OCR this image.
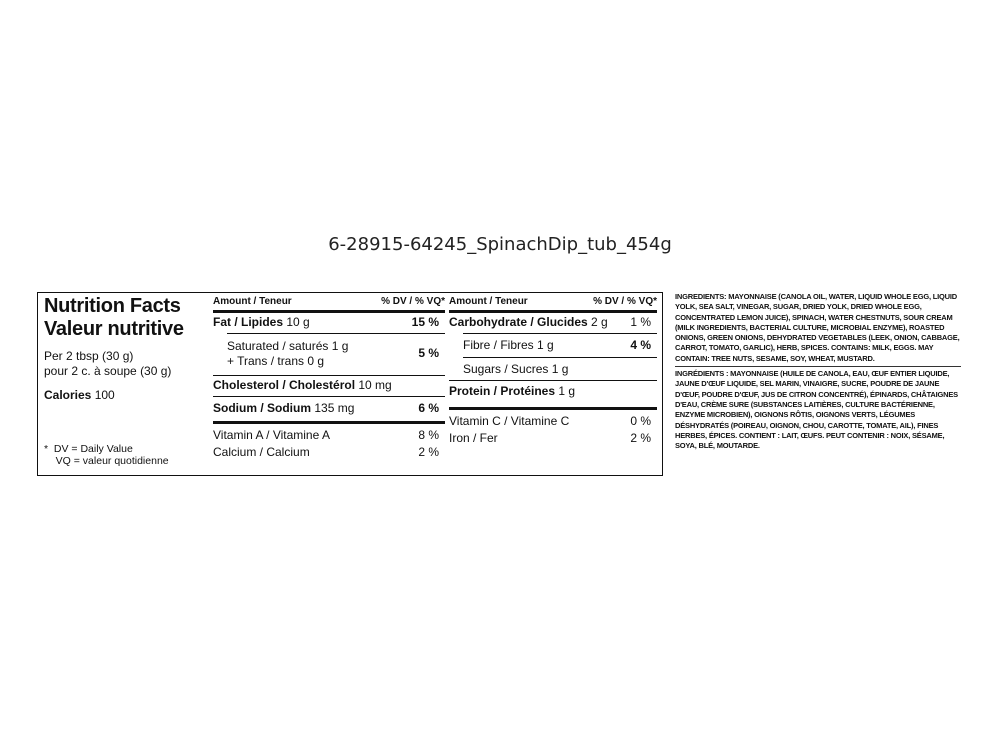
6-28915-64245_SpinachDip_tub_454g
Nutrition Facts
Valeur nutritive
Per 2 tbsp (30 g)
pour 2 c. à soupe (30 g)
Calories 100
*  DV = Daily Value
VQ = valeur quotidienne
Amount / Teneur	% DV / % VQ*
Fat / Lipides 10 g	15 %
Saturated / saturés 1 g
+ Trans / trans 0 g
5 %
Cholesterol / Cholestérol 10 mg
Sodium / Sodium 135 mg	6 %
Vitamin A / Vitamine A	8 %
Calcium / Calcium	2 %
Amount / Teneur	% DV / % VQ*
Carbohydrate / Glucides 2 g 1 %
Fibre / Fibres 1 g	4 %
Sugars / Sucres 1 g
Protein / Protéines 1 g
Vitamin C / Vitamine C	0 %
Iron / Fer	2 %

INGREDIENTS: MAYONNAISE (CANOLA OIL, WATER, LIQUID WHOLE EGG, LIQUID YOLK, SEA SALT, VINEGAR, SUGAR, DRIED YOLK, DRIED WHOLE EGG, CONCENTRATED LEMON JUICE), SPINACH, WATER CHESTNUTS, SOUR CREAM (MILK INGREDIENTS, BACTERIAL CULTURE, MICROBIAL ENZYME), ROASTED ONIONS, GREEN ONIONS, DEHYDRATED VEGETABLES (LEEK, ONION, CABBAGE, CARROT, TOMATO, GARLIC), HERB, SPICES. CONTAINS: MILK, EGGS. MAY CONTAIN: TREE NUTS, SESAME, SOY, WHEAT, MUSTARD.

INGRÉDIENTS : MAYONNAISE (HUILE DE CANOLA, EAU, ŒUF ENTIER LIQUIDE, JAUNE D'ŒUF LIQUIDE, SEL MARIN, VINAIGRE, SUCRE, POUDRE DE JAUNE D'ŒUF, POUDRE D'ŒUF, JUS DE CITRON CONCENTRÉ), ÉPINARDS, CHÂTAIGNES D'EAU, CRÈME SURE (SUBSTANCES LAITIÈRES, CULTURE BACTÉRIENNE, ENZYME MICROBIEN), OIGNONS RÔTIS, OIGNONS VERTS, LÉGUMES DÉSHYDRATÉS (POIREAU, OIGNON, CHOU, CAROTTE, TOMATE, AIL), FINES HERBES, ÉPICES. CONTIENT : LAIT, ŒUFS. PEUT CONTENIR : NOIX, SÉSAME, SOYA, BLÉ, MOUTARDE.
